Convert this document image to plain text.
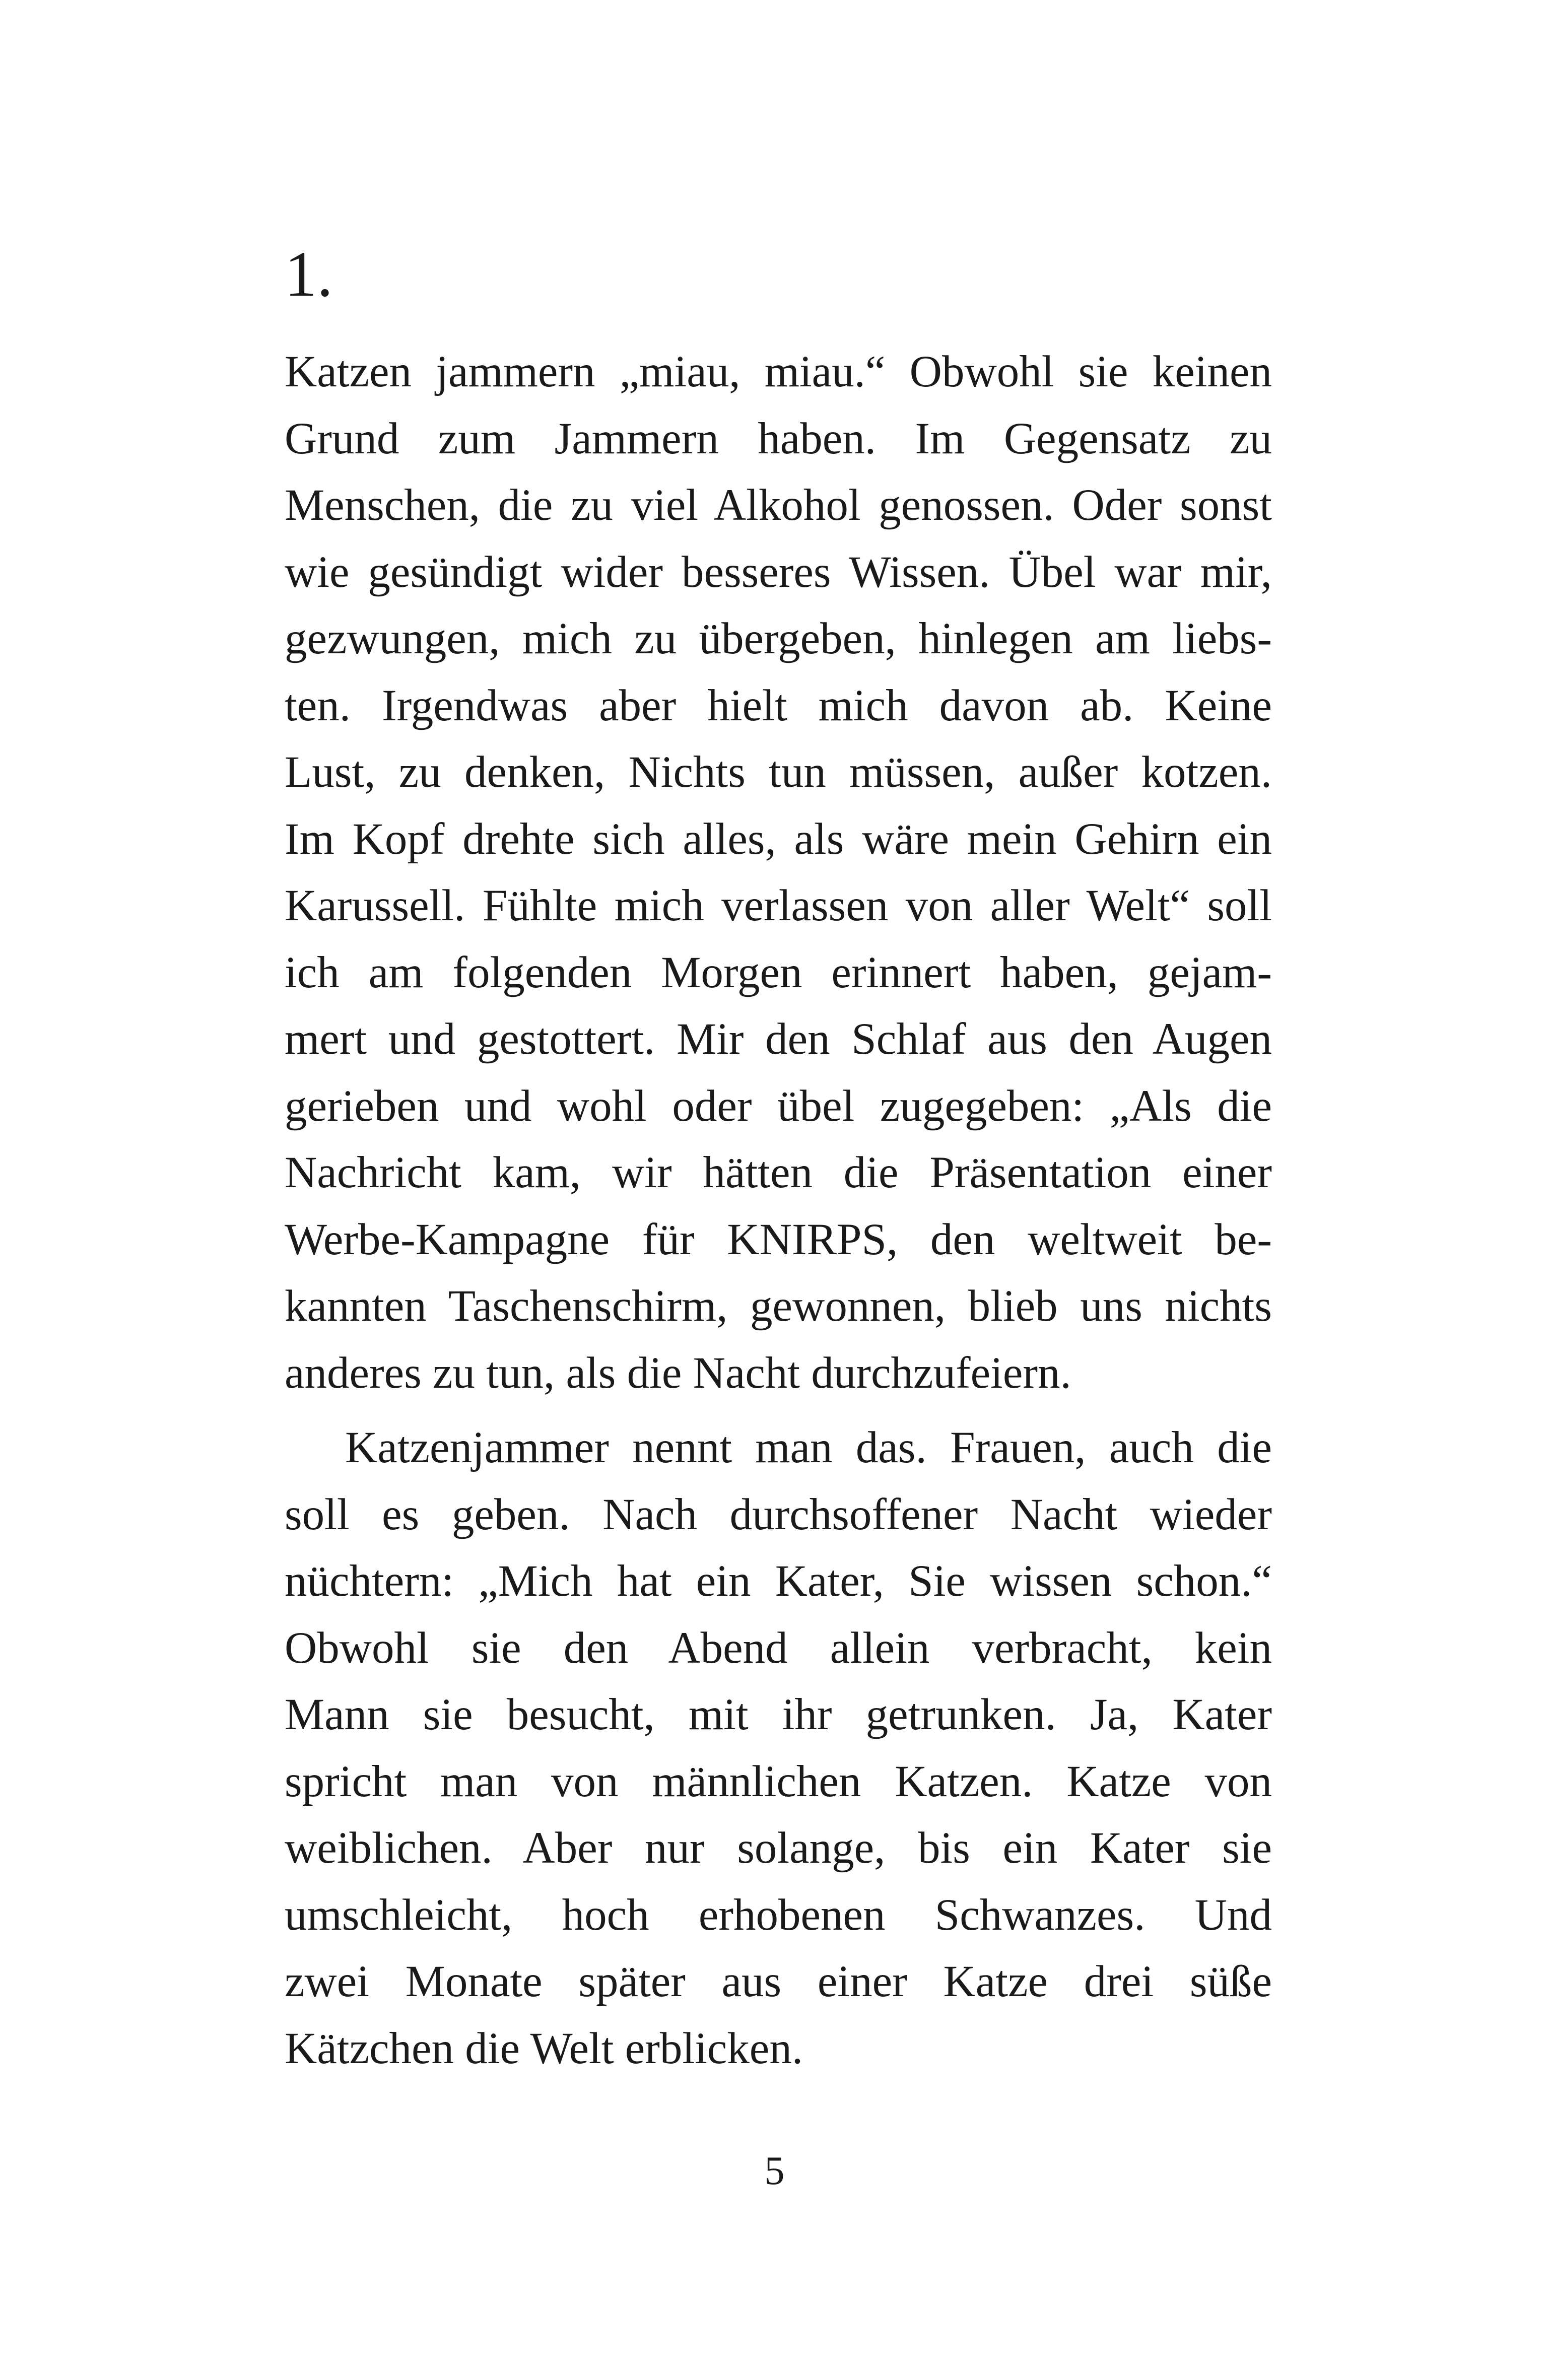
1.

Katzen jammern „miau, miau.“ Obwohl sie keinen
Grund zum Jammern haben. Im Gegensatz zu
Menschen, die zu viel Alkohol genossen. Oder sonst
wie gesündigt wider besseres Wissen. Übel war mir,
gezwungen, mich zu übergeben, hinlegen am liebs-
ten. Irgendwas aber hielt mich davon ab. Keine
Lust, zu denken, Nichts tun müssen, außer kotzen.
Im Kopf drehte sich alles, als wäre mein Gehirn ein
Karussell. Fühlte mich verlassen von aller Welt“ soll
ich am folgenden Morgen erinnert haben, gejam-
mert und gestottert. Mir den Schlaf aus den Augen
gerieben und wohl oder übel zugegeben: „Als die
Nachricht kam, wir hätten die Präsentation einer
Werbe-Kampagne für KNIRPS, den weltweit be-
kannten Taschenschirm, gewonnen, blieb uns nichts
anderes zu tun, als die Nacht durchzufeiern.

Katzenjammer nennt man das. Frauen, auch die
soll es geben. Nach durchsoffener Nacht wieder
nüchtern: „Mich hat ein Kater, Sie wissen schon.“
Obwohl sie den Abend allein verbracht, kein
Mann sie besucht, mit ihr getrunken. Ja, Kater
spricht man von männlichen Katzen. Katze von
weiblichen. Aber nur solange, bis ein Kater sie
umschleicht, hoch erhobenen Schwanzes. Und
zwei Monate später aus einer Katze drei süße
Kätzchen die Welt erblicken.

5
